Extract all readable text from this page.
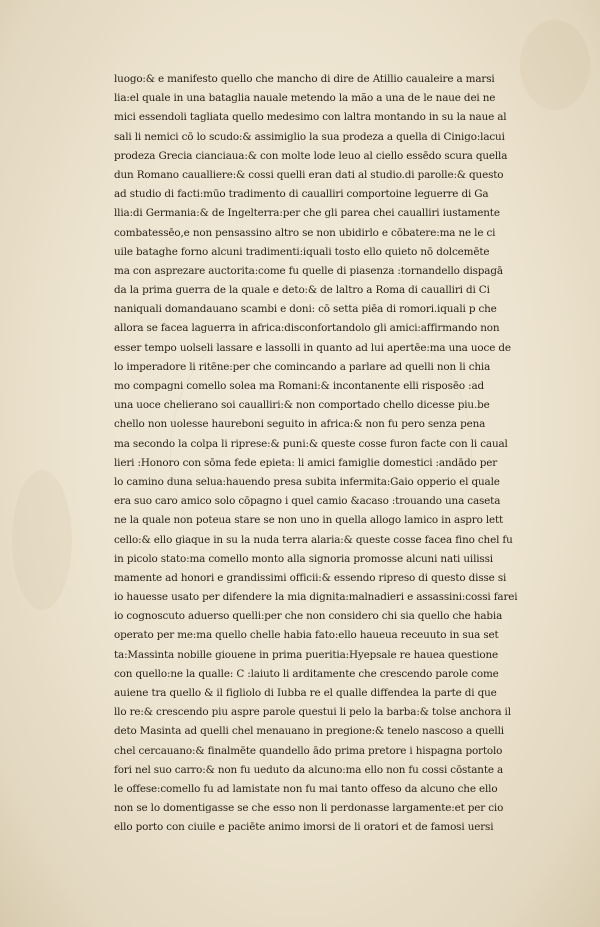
luogo:& e manifesto quello che mancho di dire de Atillio caualeire a marsi
lia:el quale in una bataglia nauale metendo la mão a una de le naue dei ne
mici essendoli tagliata quello medesimo con laltra montando in su la naue al
sali li nemici cō lo scudo:& assimiglio la sua prodeza a quella di Cinigo:lacui
prodeza Grecia cianciaua:& con molte lode leuo al ciello essēdo scura quella
dun Romano caualliere:& cossi quelli eran dati al studio.di parolle:& questo
ad studio di facti:mūo tradimento di caualliri comportoine leguerre di Ga
llia:di Germania:& de Ingelterra:per che gli parea chei caualliri iustamente
combatessēo,e non pensassino altro se non ubidirlo e cōbatere:ma ne le ci
uile bataghe forno alcuni tradimenti:iquali tosto ello quieto nō dolcemēte
ma con asprezare auctorita:come fu quelle di piasenza :tornandello dispagā
da la prima guerra de la quale e deto:& de laltro a Roma di caualliri di Ci
naniquali domandauano scambi e doni: cō setta piēa di romori.iquali p che
allora se facea laguerra in africa:disconfortandolo gli amici:affirmando non
esser tempo uolseli lassare e lassolli in quanto ad lui apertēe:ma una uoce de
lo imperadore li ritēne:per che comincando a parlare ad quelli non li chia
mo compagni comello solea ma Romani:& incontanente elli risposēo :ad
una uoce chelierano soi caualliri:& non comportado chello dicesse piu.be
chello non uolesse haureboni seguito in africa:& non fu pero senza pena
ma secondo la colpa li riprese:& puni:& queste cosse furon facte con li caual
lieri :Honoro con sōma fede epieta: li amici famiglie domestici :andādo per
lo camino duna selua:hauendo presa subita infermita:Gaio opperio el quale
era suo caro amico solo cōpagno i quel camio &acaso :trouando una caseta
ne la quale non poteua stare se non uno in quella allogo lamico in aspro lett
cello:& ello giaque in su la nuda terra alaria:& queste cosse facea fino chel fu
in picolo stato:ma comello monto alla signoria promosse alcuni nati uilissi
mamente ad honori e grandissimi officii:& essendo ripreso di questo disse si
io hauesse usato per difendere la mia dignita:malnadieri e assassini:cossi farei
io cognoscuto aduerso quelli:per che non considero chi sia quello che habia
operato per me:ma quello chelle habia fato:ello haueua receuuto in sua set
ta:Massinta nobille giouene in prima pueritia:Hyepsale re hauea questione
con quello:ne la qualle: C :laiuto li arditamente che crescendo parole come
auiene tra quello & il figliolo di Iubba re el qualle diffendea la parte di que
llo re:& crescendo piu aspre parole questui li pelo la barba:& tolse anchora il
deto Masinta ad quelli chel menauano in pregione:& tenelo nascoso a quelli
chel cercauano:& finalmēte quandello ādo prima pretore i hispagna portolo
fori nel suo carro:& non fu ueduto da alcuno:ma ello non fu cossi cōstante a
le offese:comello fu ad lamistate non fu mai tanto offeso da alcuno che ello
non se lo domentigasse se che esso non li perdonasse largamente:et per cio
ello porto con ciuile e paciēte animo imorsi de li oratori et de famosi uersi
